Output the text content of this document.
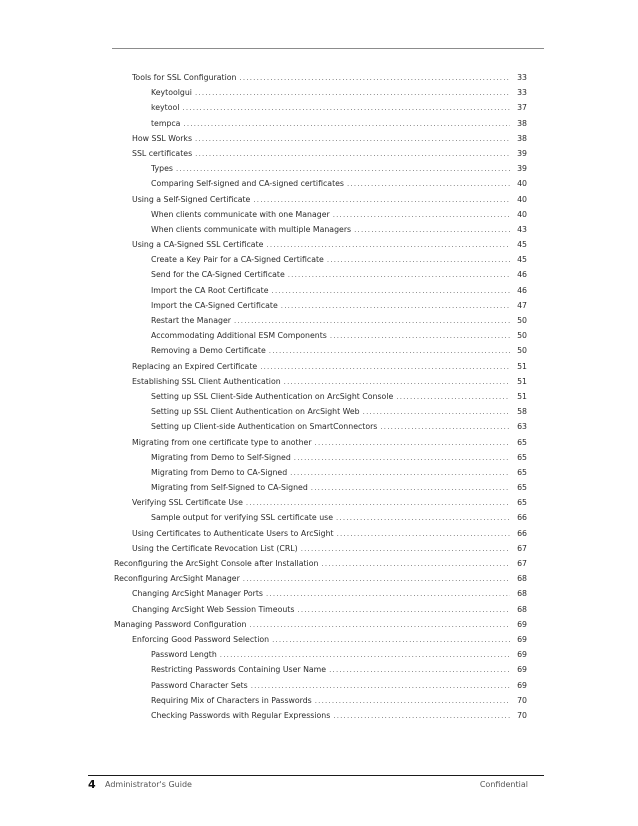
Tools for SSL Configuration .....	33
Keytoolgui .....	33
keytool .....	37
tempca .....	38
How SSL Works .....	38
SSL certificates .....	39
Types .....	39
Comparing Self-signed and CA-signed certificates .....	40
Using a Self-Signed Certificate .....	40
When clients communicate with one Manager .....	40
When clients communicate with multiple Managers .....	43
Using a CA-Signed SSL Certificate .....	45
Create a Key Pair for a CA-Signed Certificate .....	45
Send for the CA-Signed Certificate .....	46
Import the CA Root Certificate .....	46
Import the CA-Signed Certificate .....	47
Restart the Manager .....	50
Accommodating Additional ESM Components .....	50
Removing a Demo Certificate .....	50
Replacing an Expired Certificate .....	51
Establishing SSL Client Authentication .....	51
Setting up SSL Client-Side Authentication on ArcSight Console .....	51
Setting up SSL Client Authentication on ArcSight Web .....	58
Setting up Client-side Authentication on SmartConnectors .....	63
Migrating from one certificate type to another .....	65
Migrating from Demo to Self-Signed .....	65
Migrating from Demo to CA-Signed .....	65
Migrating from Self-Signed to CA-Signed .....	65
Verifying SSL Certificate Use .....	65
Sample output for verifying SSL certificate use .....	66
Using Certificates to Authenticate Users to ArcSight .....	66
Using the Certificate Revocation List (CRL) .....	67
Reconfiguring the ArcSight Console after Installation .....	67
Reconfiguring ArcSight Manager .....	68
Changing ArcSight Manager Ports .....	68
Changing ArcSight Web Session Timeouts .....	68
Managing Password Configuration .....	69
Enforcing Good Password Selection .....	69
Password Length .....	69
Restricting Passwords Containing User Name .....	69
Password Character Sets .....	69
Requiring Mix of Characters in Passwords .....	70
Checking Passwords with Regular Expressions .....	70
4 Administrator's Guide	Confidential
